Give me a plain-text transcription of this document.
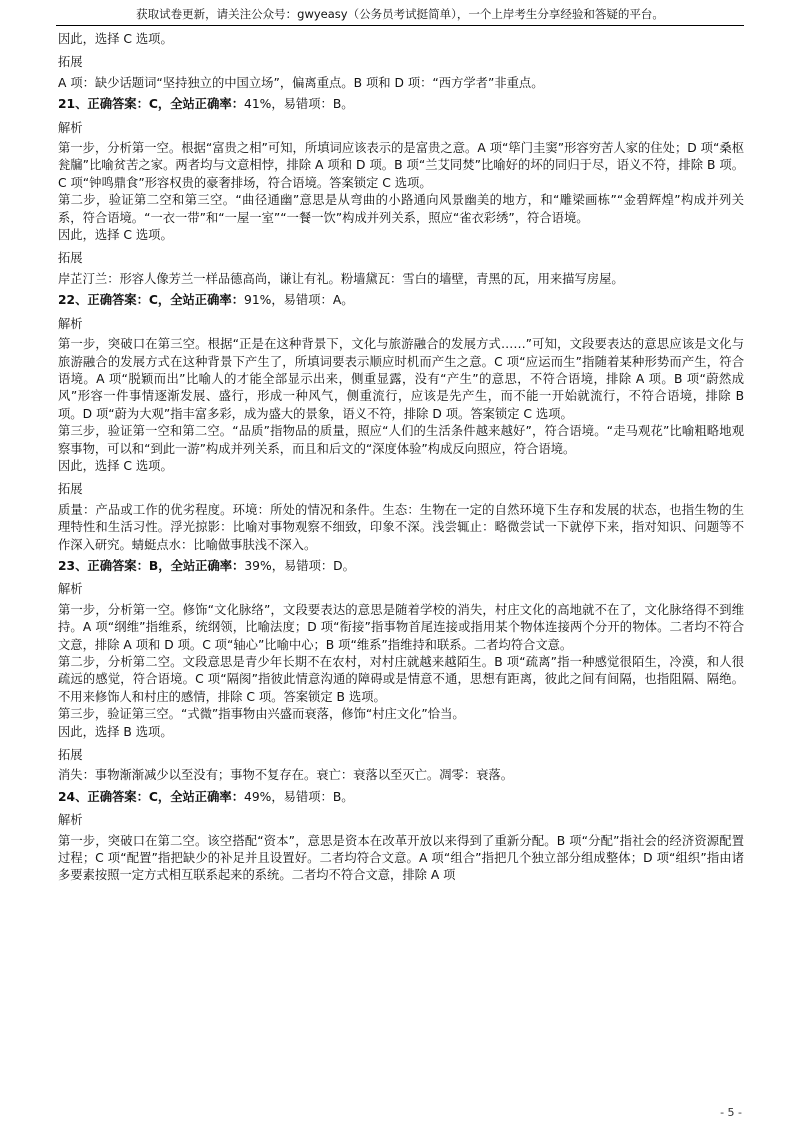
获取试卷更新，请关注公众号：gwyeasy（公务员考试挺简单），一个上岸考生分享经验和答疑的平台。

因此，选择 C 选项。

拓展

A 项：缺少话题词“坚持独立的中国立场”，偏离重点。B 项和 D 项：“西方学者”非重点。

21、正确答案：C，全站正确率：41%，易错项：B。

解析

第一步，分析第一空。根据“富贵之相”可知，所填词应该表示的是富贵之意。A 项“筚门圭窦”形容穷苦人家的住处；D 项“桑枢瓮牖”比喻贫苦之家。两者均与文意相悖，排除 A 项和 D 项。B 项“兰艾同焚”比喻好的坏的同归于尽，语义不符，排除 B 项。C 项“钟鸣鼎食”形容权贵的豪奢排场，符合语境。答案锁定 C 选项。

第二步，验证第二空和第三空。“曲径通幽”意思是从弯曲的小路通向风景幽美的地方，和“雕梁画栋”“金碧辉煌”构成并列关系，符合语境。“一衣一带”和“一屋一室”“一餐一饮”构成并列关系，照应“雀衣彩绣”，符合语境。

因此，选择 C 选项。

拓展

岸芷汀兰：形容人像芳兰一样品德高尚，谦让有礼。粉墙黛瓦：雪白的墙壁，青黑的瓦，用来描写房屋。

22、正确答案：C，全站正确率：91%，易错项：A。

解析

第一步，突破口在第三空。根据“正是在这种背景下，文化与旅游融合的发展方式……”可知，文段要表达的意思应该是文化与旅游融合的发展方式在这种背景下产生了，所填词要表示顺应时机而产生之意。C 项“应运而生”指随着某种形势而产生，符合语境。A 项“脱颖而出”比喻人的才能全部显示出来，侧重显露，没有“产生”的意思，不符合语境，排除 A 项。B 项“蔚然成风”形容一件事情逐渐发展、盛行，形成一种风气，侧重流行，应该是先产生，而不能一开始就流行，不符合语境，排除 B 项。D 项“蔚为大观”指丰富多彩，成为盛大的景象，语义不符，排除 D 项。答案锁定 C 选项。

第三步，验证第一空和第二空。“品质”指物品的质量，照应“人们的生活条件越来越好”，符合语境。“走马观花”比喻粗略地观察事物，可以和“到此一游”构成并列关系，而且和后文的“深度体验”构成反向照应，符合语境。

因此，选择 C 选项。

拓展

质量：产品或工作的优劣程度。环境：所处的情况和条件。生态：生物在一定的自然环境下生存和发展的状态，也指生物的生理特性和生活习性。浮光掠影：比喻对事物观察不细致，印象不深。浅尝辄止：略微尝试一下就停下来，指对知识、问题等不作深入研究。蜻蜓点水：比喻做事肤浅不深入。

23、正确答案：B，全站正确率：39%，易错项：D。

解析

第一步，分析第一空。修饰“文化脉络”，文段要表达的意思是随着学校的消失，村庄文化的高地就不在了，文化脉络得不到维持。A 项“纲维”指维系，统纲领，比喻法度；D 项“衔接”指事物首尾连接或指用某个物体连接两个分开的物体。二者均不符合文意，排除 A 项和 D 项。C 项“轴心”比喻中心；B 项“维系”指维持和联系。二者均符合文意。

第二步，分析第二空。文段意思是青少年长期不在农村，对村庄就越来越陌生。B 项“疏离”指一种感觉很陌生，冷漠，和人很疏远的感觉，符合语境。C 项“隔阂”指彼此情意沟通的障碍或是情意不通，思想有距离，彼此之间有间隔，也指阻隔、隔绝。不用来修饰人和村庄的感情，排除 C 项。答案锁定 B 选项。

第三步，验证第三空。“式微”指事物由兴盛而衰落，修饰“村庄文化”恰当。

因此，选择 B 选项。

拓展

消失：事物渐渐减少以至没有；事物不复存在。衰亡：衰落以至灭亡。凋零：衰落。

24、正确答案：C，全站正确率：49%，易错项：B。

解析

第一步，突破口在第二空。该空搭配“资本”，意思是资本在改革开放以来得到了重新分配。B 项“分配”指社会的经济资源配置过程；C 项“配置”指把缺少的补足并且设置好。二者均符合文意。A 项“组合”指把几个独立部分组成整体；D 项“组织”指由诸多要素按照一定方式相互联系起来的系统。二者均不符合文意，排除 A 项

- 5 -
